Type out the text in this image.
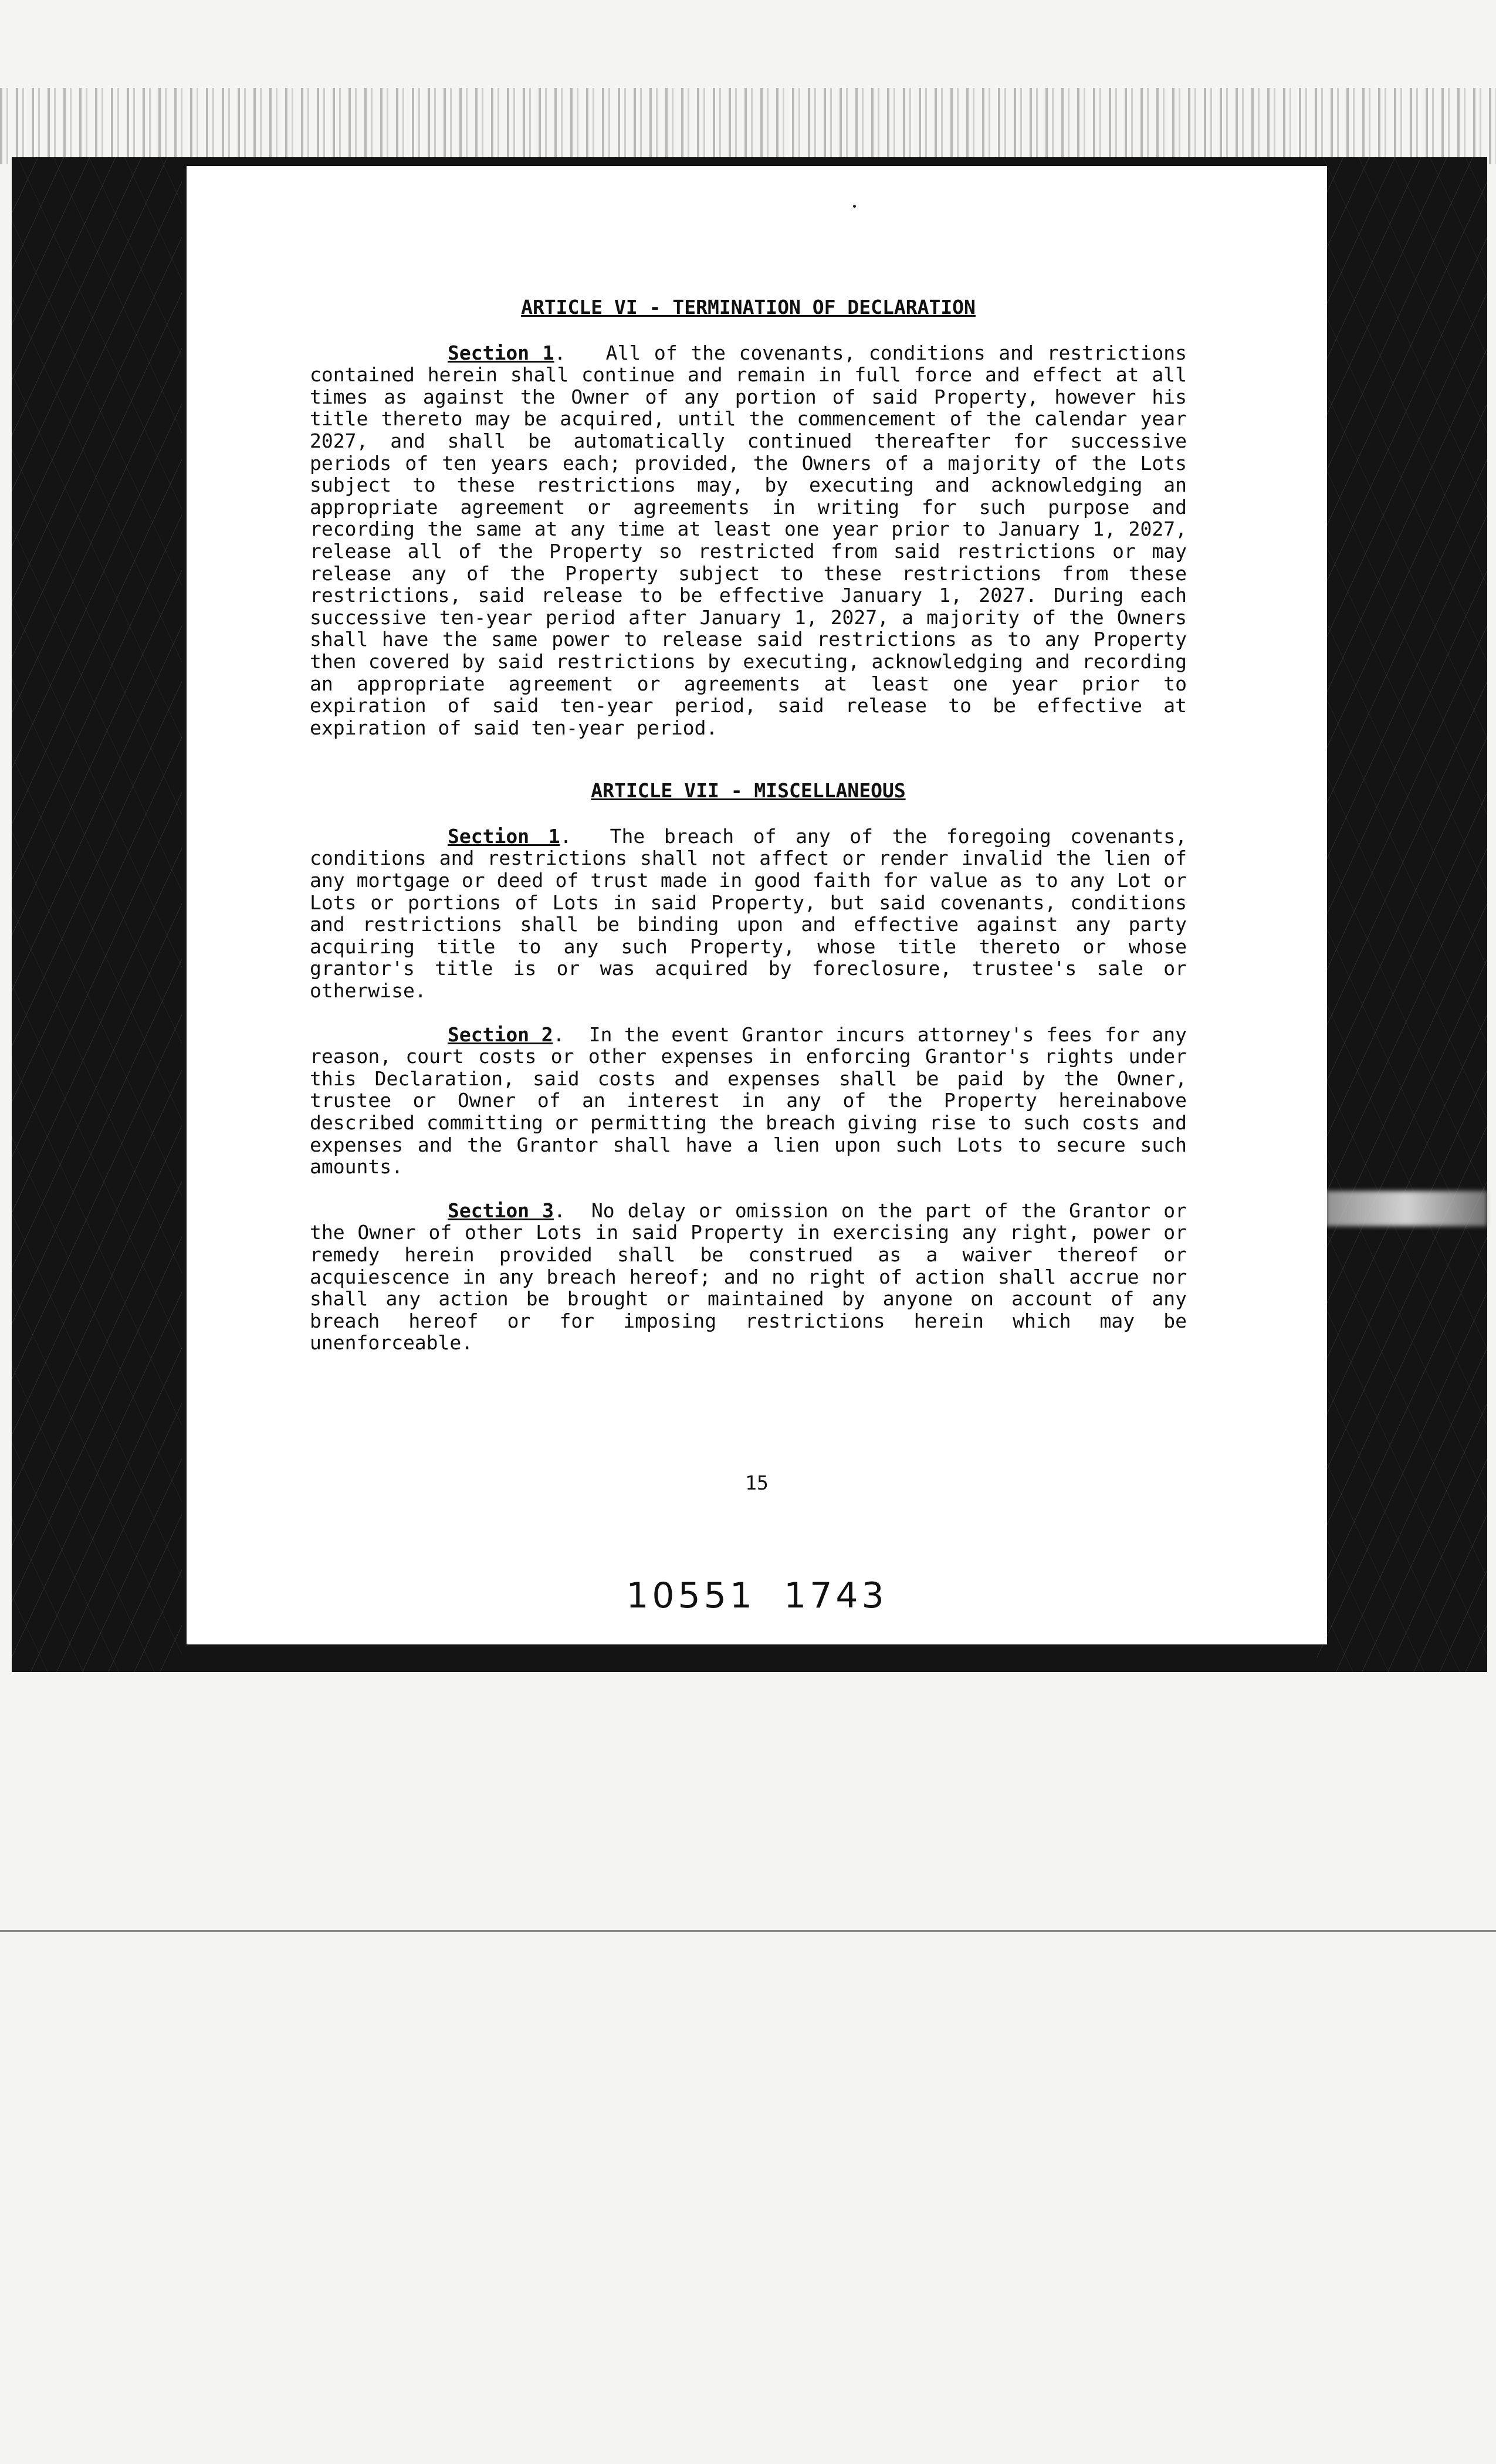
ARTICLE VI - TERMINATION OF DECLARATION

Section 1.   All of the covenants, conditions and restrictions contained herein shall continue and remain in full force and effect at all times as against the Owner of any portion of said Property, however his title thereto may be acquired, until the commencement of the calendar year 2027, and shall be automatically continued thereafter for successive periods of ten years each; provided, the Owners of a majority of the Lots subject to these restrictions may, by executing and acknowledging an appropriate agreement or agreements in writing for such purpose and recording the same at any time at least one year prior to January 1, 2027, release all of the Property so restricted from said restrictions or may release any of the Property subject to these restrictions from these restrictions, said release to be effective January 1, 2027. During each successive ten-year period after January 1, 2027, a majority of the Owners shall have the same power to release said restrictions as to any Property then covered by said restrictions by executing, acknowledging and recording an appropriate agreement or agreements at least one year prior to expiration of said ten-year period, said release to be effective at expiration of said ten-year period.

ARTICLE VII - MISCELLANEOUS

Section 1.  The breach of any of the foregoing covenants, conditions and restrictions shall not affect or render invalid the lien of any mortgage or deed of trust made in good faith for value as to any Lot or Lots or portions of Lots in said Property, but said covenants, conditions and restrictions shall be binding upon and effective against any party acquiring title to any such Property, whose title thereto or whose grantor's title is or was acquired by foreclosure, trustee's sale or otherwise.

Section 2.  In the event Grantor incurs attorney's fees for any reason, court costs or other expenses in enforcing Grantor's rights under this Declaration, said costs and expenses shall be paid by the Owner, trustee or Owner of an interest in any of the Property hereinabove described committing or permitting the breach giving rise to such costs and expenses and the Grantor shall have a lien upon such Lots to secure such amounts.

Section 3.  No delay or omission on the part of the Grantor or the Owner of other Lots in said Property in exercising any right, power or remedy herein provided shall be construed as a waiver thereof or acquiescence in any breach hereof; and no right of action shall accrue nor shall any action be brought or maintained by anyone on account of any breach hereof or for imposing restrictions herein which may be unenforceable.

15
10551 1743
